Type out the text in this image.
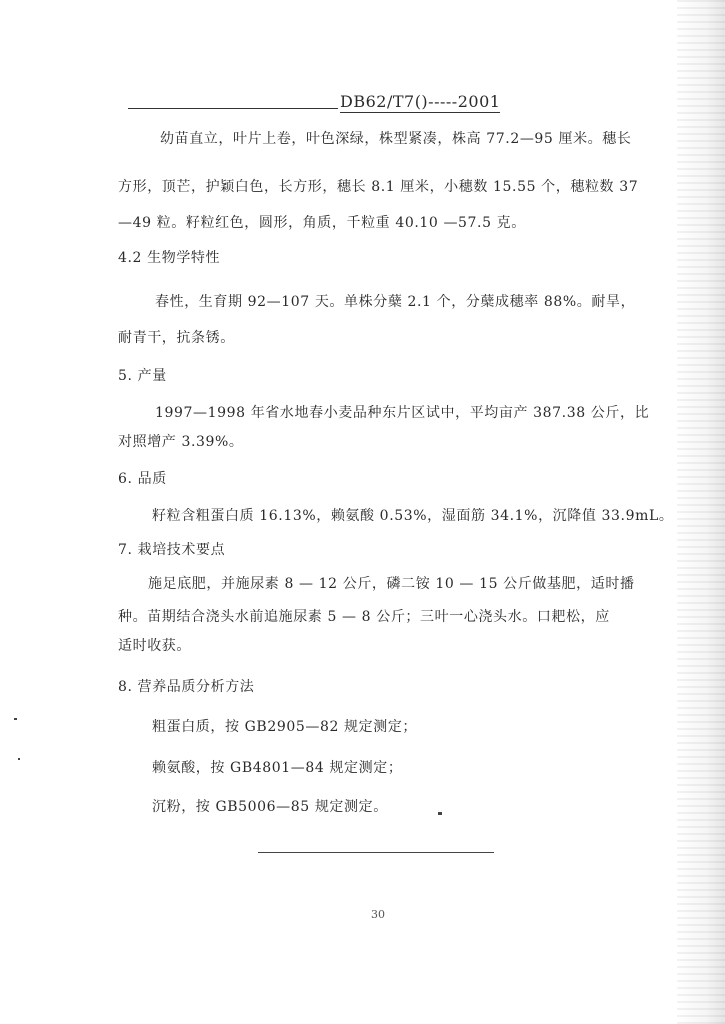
DB62/T7()-----2001
幼苗直立，叶片上卷，叶色深绿，株型紧凑，株高 77.2—95 厘米。穗长
方形，顶芒，护颖白色，长方形，穗长 8.1 厘米，小穗数 15.55 个，穗粒数 37
—49 粒。籽粒红色，圆形，角质，千粒重 40.10 —57.5 克。
4.2 生物学特性
春性，生育期 92—107 天。单株分蘖 2.1 个，分蘖成穗率 88%。耐旱，
耐青干，抗条锈。
5. 产量
1997—1998 年省水地春小麦品种东片区试中，平均亩产 387.38 公斤，比
对照增产 3.39%。
6. 品质
籽粒含粗蛋白质 16.13%，赖氨酸 0.53%，湿面筋 34.1%，沉降值 33.9mL。
7. 栽培技术要点
施足底肥，并施尿素 8 — 12 公斤，磷二铵 10 — 15 公斤做基肥，适时播
种。苗期结合浇头水前追施尿素 5 — 8 公斤；三叶一心浇头水。口耙松，应
适时收获。
8. 营养品质分析方法
粗蛋白质，按 GB2905—82 规定测定；
赖氨酸，按 GB4801—84 规定测定；
沉粉，按 GB5006—85 规定测定。
30
